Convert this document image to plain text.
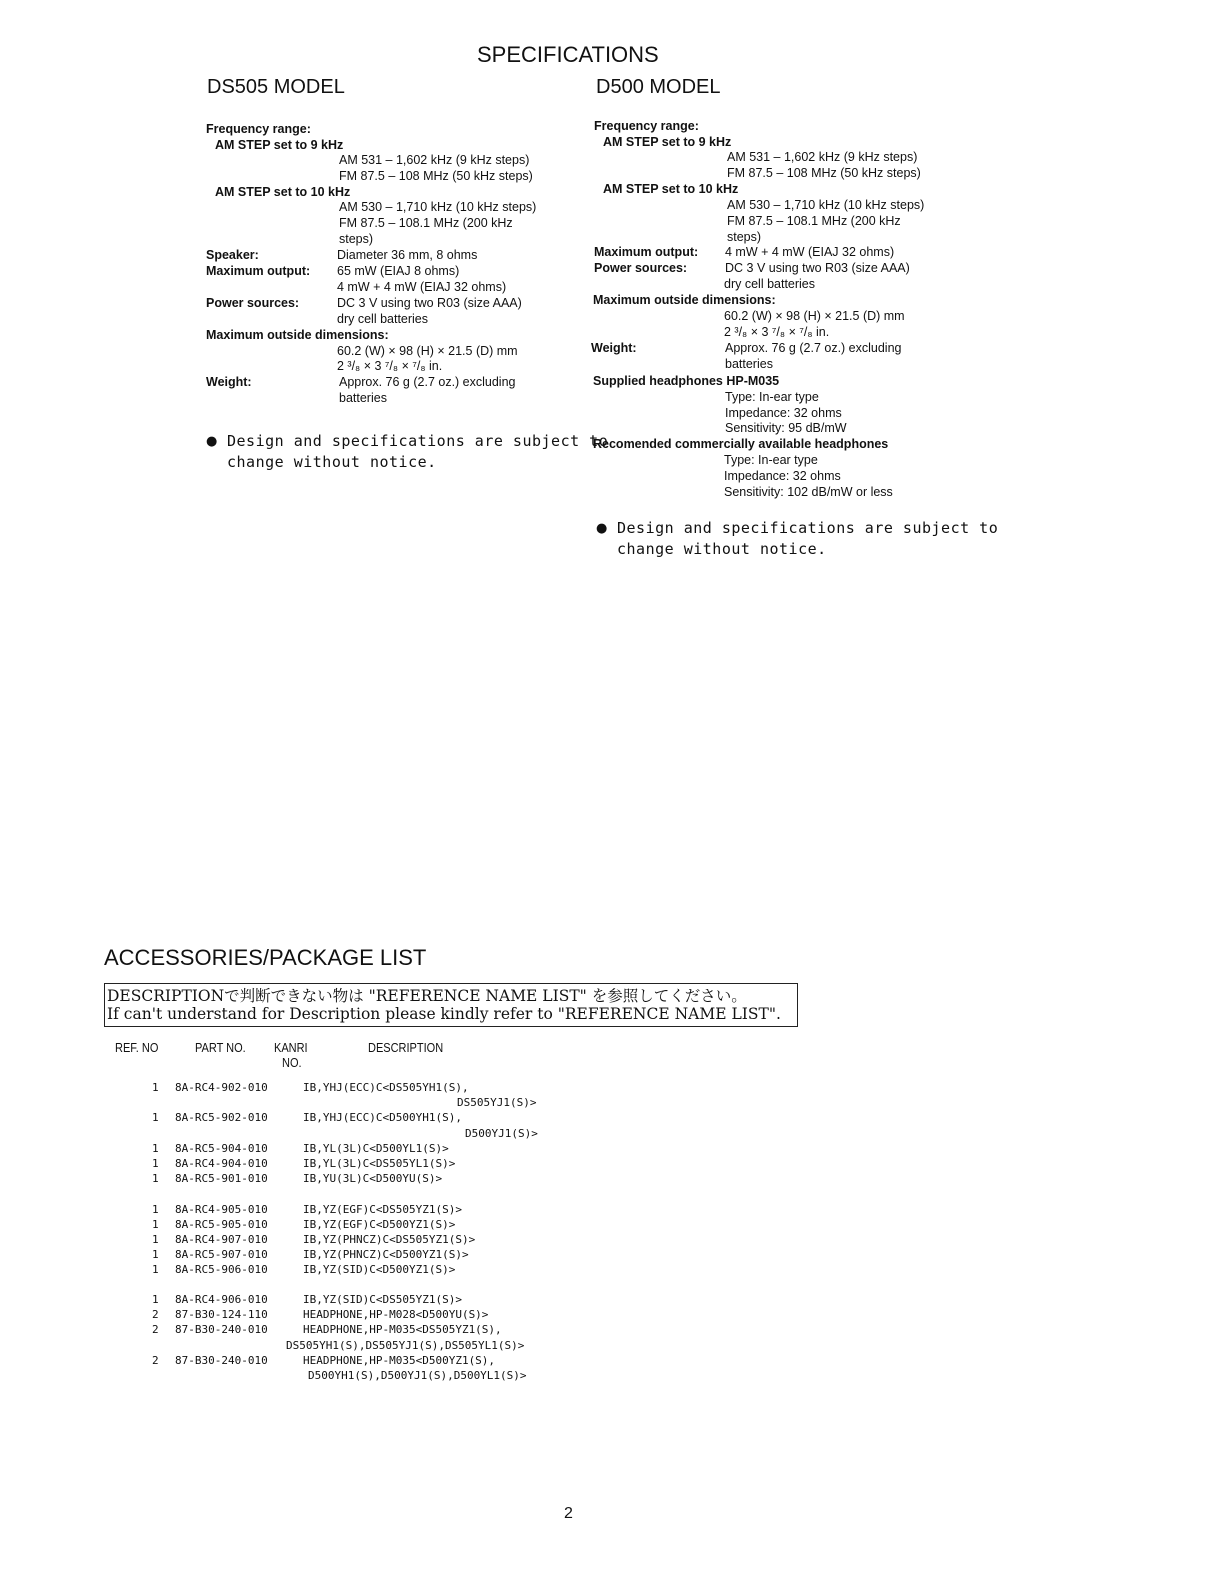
SPECIFICATIONS
DS505 MODEL
Frequency range:
AM STEP set to 9 kHz
AM 531 – 1,602 kHz (9 kHz steps)
FM 87.5 – 108 MHz (50 kHz steps)
AM STEP set to 10 kHz
AM 530 – 1,710 kHz (10 kHz steps)
FM 87.5 – 108.1 MHz (200 kHz
steps)
Speaker:	Diameter 36 mm, 8 ohms
Maximum output: 65 mW (EIAJ 8 ohms)
4 mW + 4 mW (EIAJ 32 ohms)
Power sources:	DC 3 V using two R03 (size AAA)
dry cell batteries
Maximum outside dimensions:
60.2 (W) × 98 (H) × 21.5 (D) mm
2 ³/₈ × 3 ⁷/₈ × ⁷/₈ in.
Weight:	Approx. 76 g (2.7 oz.) excluding
batteries
● Design and specifications are subject to
change without notice.
D500 MODEL
Frequency range:
AM STEP set to 9 kHz
AM 531 – 1,602 kHz (9 kHz steps)
FM 87.5 – 108 MHz (50 kHz steps)
AM STEP set to 10 kHz
AM 530 – 1,710 kHz (10 kHz steps)
FM 87.5 – 108.1 MHz (200 kHz
steps)
Maximum output: 4 mW + 4 mW (EIAJ 32 ohms)
Power sources:	DC 3 V using two R03 (size AAA)
dry cell batteries
Maximum outside dimensions:
60.2 (W) × 98 (H) × 21.5 (D) mm
2 ³/₈ × 3 ⁷/₈ × ⁷/₈ in.
Weight:	Approx. 76 g (2.7 oz.) excluding
batteries
Supplied headphones HP-M035
Type: In-ear type
Impedance: 32 ohms
Sensitivity: 95 dB/mW
Recomended commercially available headphones
Type: In-ear type
Impedance: 32 ohms
Sensitivity: 102 dB/mW or less
● Design and specifications are subject to
change without notice.
ACCESSORIES/PACKAGE LIST
DESCRIPTIONで判断できない物は "REFERENCE NAME LIST" を参照してください。
If can't understand for Description please kindly refer to "REFERENCE NAME LIST".
REF. NO	PART NO. KANRI
NO.
DESCRIPTION
1 8A-RC4-902-010	IB,YHJ(ECC)C<DS505YH1(S),
DS505YJ1(S)>
1 8A-RC5-902-010	IB,YHJ(ECC)C<D500YH1(S),
D500YJ1(S)>
1 8A-RC5-904-010	IB,YL(3L)C<D500YL1(S)>
1 8A-RC4-904-010	IB,YL(3L)C<DS505YL1(S)>
1 8A-RC5-901-010	IB,YU(3L)C<D500YU(S)>
1 8A-RC4-905-010	IB,YZ(EGF)C<DS505YZ1(S)>
1 8A-RC5-905-010	IB,YZ(EGF)C<D500YZ1(S)>
1 8A-RC4-907-010	IB,YZ(PHNCZ)C<DS505YZ1(S)>
1 8A-RC5-907-010	IB,YZ(PHNCZ)C<D500YZ1(S)>
1 8A-RC5-906-010	IB,YZ(SID)C<D500YZ1(S)>
1 8A-RC4-906-010	IB,YZ(SID)C<DS505YZ1(S)>
2 87-B30-124-110	HEADPHONE,HP-M028<D500YU(S)>
2 87-B30-240-010	HEADPHONE,HP-M035<DS505YZ1(S),
DS505YH1(S),DS505YJ1(S),DS505YL1(S)>
2 87-B30-240-010	HEADPHONE,HP-M035<D500YZ1(S),
D500YH1(S),D500YJ1(S),D500YL1(S)>
2
